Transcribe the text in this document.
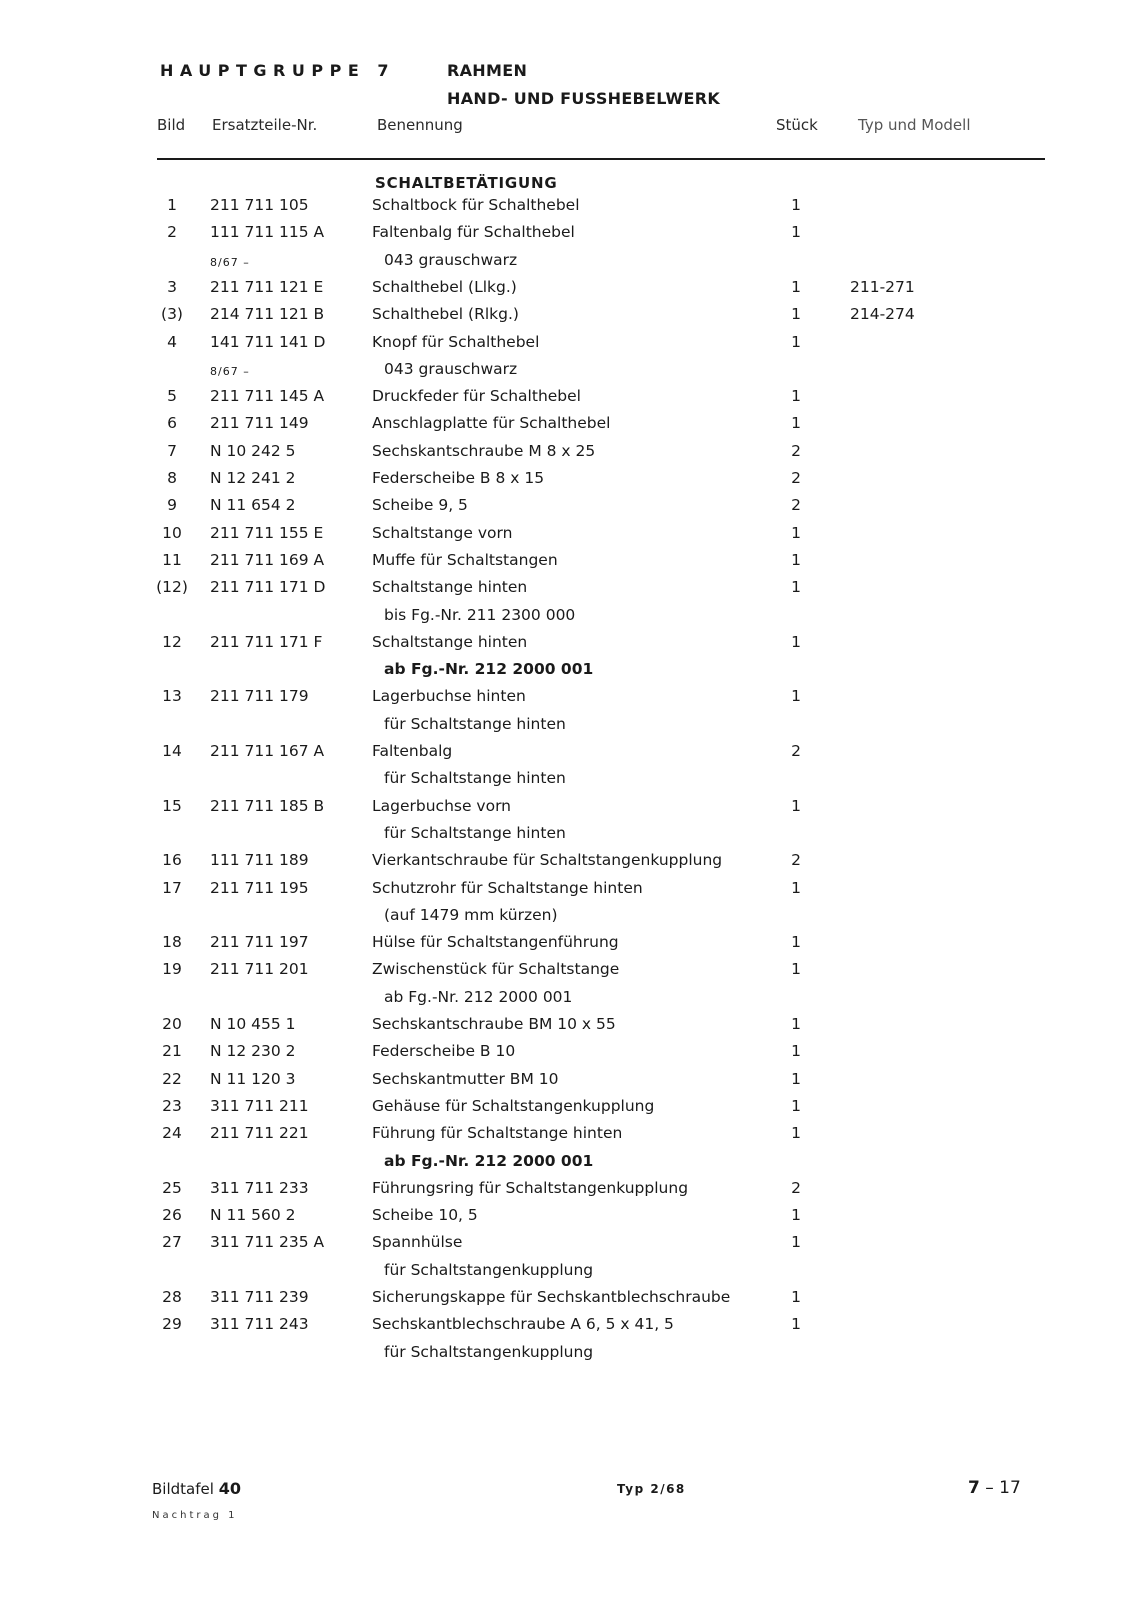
HAUPTGRUPPE 7	RAHMEN
HAND- UND FUSSHEBELWERK
Bild Ersatzteile-Nr.	Benennung	Stück	Typ und Modell
SCHALTBETÄTIGUNG
1	211 711 105	Schaltbock für Schalthebel	1
2	111 711 115 A	Faltenbalg für Schalthebel	1
8/67 –	043 grauschwarz
3	211 711 121 E	Schalthebel (Llkg.)	1	211-271
(3)	214 711 121 B	Schalthebel (Rlkg.)	1	214-274
4	141 711 141 D	Knopf für Schalthebel	1
8/67 –	043 grauschwarz
5	211 711 145 A	Druckfeder für Schalthebel	1
6	211 711 149	Anschlagplatte für Schalthebel	1
7	N 10 242 5	Sechskantschraube M 8 x 25	2
8	N 12 241 2	Federscheibe B 8 x 15	2
9	N 11 654 2	Scheibe 9, 5	2
10	211 711 155 E	Schaltstange vorn	1
11	211 711 169 A	Muffe für Schaltstangen	1
(12)	211 711 171 D	Schaltstange hinten	1
bis Fg.-Nr. 211 2300 000
12	211 711 171 F	Schaltstange hinten	1
ab Fg.-Nr. 212 2000 001
13	211 711 179	Lagerbuchse hinten	1
für Schaltstange hinten
14	211 711 167 A	Faltenbalg	2
für Schaltstange hinten
15	211 711 185 B	Lagerbuchse vorn	1
für Schaltstange hinten
16	111 711 189	Vierkantschraube für Schaltstangenkupplung	2
17	211 711 195	Schutzrohr für Schaltstange hinten	1
(auf 1479 mm kürzen)
18	211 711 197	Hülse für Schaltstangenführung	1
19	211 711 201	Zwischenstück für Schaltstange	1
ab Fg.-Nr. 212 2000 001
20	N 10 455 1	Sechskantschraube BM 10 x 55	1
21	N 12 230 2	Federscheibe B 10	1
22	N 11 120 3	Sechskantmutter BM 10	1
23	311 711 211	Gehäuse für Schaltstangenkupplung	1
24	211 711 221	Führung für Schaltstange hinten	1
ab Fg.-Nr. 212 2000 001
25	311 711 233	Führungsring für Schaltstangenkupplung	2
26	N 11 560 2	Scheibe 10, 5	1
27	311 711 235 A	Spannhülse	1
für Schaltstangenkupplung
28	311 711 239	Sicherungskappe für Sechskantblechschraube	1
29	311 711 243	Sechskantblechschraube A 6, 5 x 41, 5	1
für Schaltstangenkupplung
Bildtafel 40
Nachtrag 1
Typ 2/68	7 – 17
